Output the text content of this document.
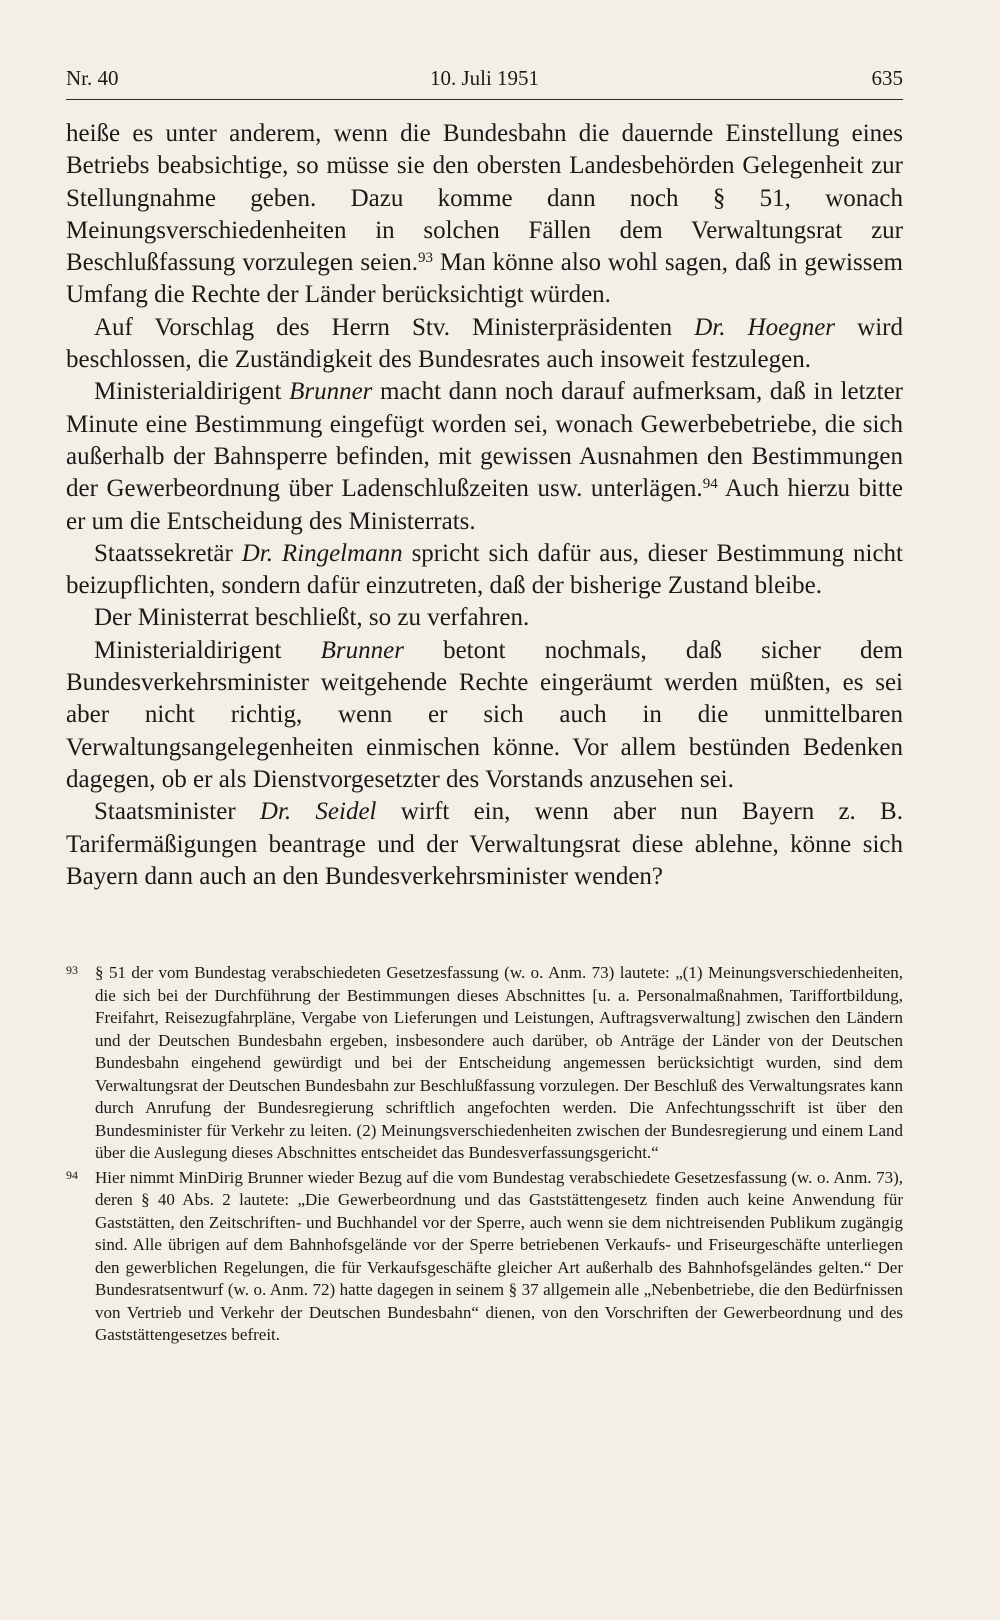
Nr. 40	10. Juli 1951	635

heiße es unter anderem, wenn die Bundesbahn die dauernde Einstellung eines Betriebs beabsichtige, so müsse sie den obersten Landesbehörden Gelegenheit zur Stellungnahme geben. Dazu komme dann noch § 51, wonach Meinungsverschiedenheiten in solchen Fällen dem Verwaltungsrat zur Beschlußfassung vorzulegen seien.$^{93}$ Man könne also wohl sagen, daß in gewissem Umfang die Rechte der Länder berücksichtigt würden.

Auf Vorschlag des Herrn Stv. Ministerpräsidenten Dr. Hoegner wird beschlossen, die Zuständigkeit des Bundesrates auch insoweit festzulegen.

Ministerialdirigent Brunner macht dann noch darauf aufmerksam, daß in letzter Minute eine Bestimmung eingefügt worden sei, wonach Gewerbebetriebe, die sich außerhalb der Bahnsperre befinden, mit gewissen Ausnahmen den Bestimmungen der Gewerbeordnung über Ladenschlußzeiten usw. unterlägen.$^{94}$ Auch hierzu bitte er um die Entscheidung des Ministerrats.

Staatssekretär Dr. Ringelmann spricht sich dafür aus, dieser Bestimmung nicht beizupflichten, sondern dafür einzutreten, daß der bisherige Zustand bleibe.

Der Ministerrat beschließt, so zu verfahren.

Ministerialdirigent Brunner betont nochmals, daß sicher dem Bundesverkehrsminister weitgehende Rechte eingeräumt werden müßten, es sei aber nicht richtig, wenn er sich auch in die unmittelbaren Verwaltungsangelegenheiten einmischen könne. Vor allem bestünden Bedenken dagegen, ob er als Dienstvorgesetzter des Vorstands anzusehen sei.

Staatsminister Dr. Seidel wirft ein, wenn aber nun Bayern z. B. Tarifermäßigungen beantrage und der Verwaltungsrat diese ablehne, könne sich Bayern dann auch an den Bundesverkehrsminister wenden?

93 § 51 der vom Bundestag verabschiedeten Gesetzesfassung (w. o. Anm. 73) lautete: „(1) Meinungsverschiedenheiten, die sich bei der Durchführung der Bestimmungen dieses Abschnittes [u. a. Personalmaßnahmen, Tariffortbildung, Freifahrt, Reisezugfahrpläne, Vergabe von Lieferungen und Leistungen, Auftragsverwaltung] zwischen den Ländern und der Deutschen Bundesbahn ergeben, insbesondere auch darüber, ob Anträge der Länder von der Deutschen Bundesbahn eingehend gewürdigt und bei der Entscheidung angemessen berücksichtigt wurden, sind dem Verwaltungsrat der Deutschen Bundesbahn zur Beschlußfassung vorzulegen. Der Beschluß des Verwaltungsrates kann durch Anrufung der Bundesregierung schriftlich angefochten werden. Die Anfechtungsschrift ist über den Bundesminister für Verkehr zu leiten. (2) Meinungsverschiedenheiten zwischen der Bundesregierung und einem Land über die Auslegung dieses Abschnittes entscheidet das Bundesverfassungsgericht.“
94 Hier nimmt MinDirig Brunner wieder Bezug auf die vom Bundestag verabschiedete Gesetzesfassung (w. o. Anm. 73), deren § 40 Abs. 2 lautete: „Die Gewerbeordnung und das Gaststättengesetz finden auch keine Anwendung für Gaststätten, den Zeitschriften- und Buchhandel vor der Sperre, auch wenn sie dem nichtreisenden Publikum zugängig sind. Alle übrigen auf dem Bahnhofsgelände vor der Sperre betriebenen Verkaufs- und Friseurgeschäfte unterliegen den gewerblichen Regelungen, die für Verkaufsgeschäfte gleicher Art außerhalb des Bahnhofsgeländes gelten.“ Der Bundesratsentwurf (w. o. Anm. 72) hatte dagegen in seinem § 37 allgemein alle „Nebenbetriebe, die den Bedürfnissen von Vertrieb und Verkehr der Deutschen Bundesbahn“ dienen, von den Vorschriften der Gewerbeordnung und des Gaststättengesetzes befreit.
